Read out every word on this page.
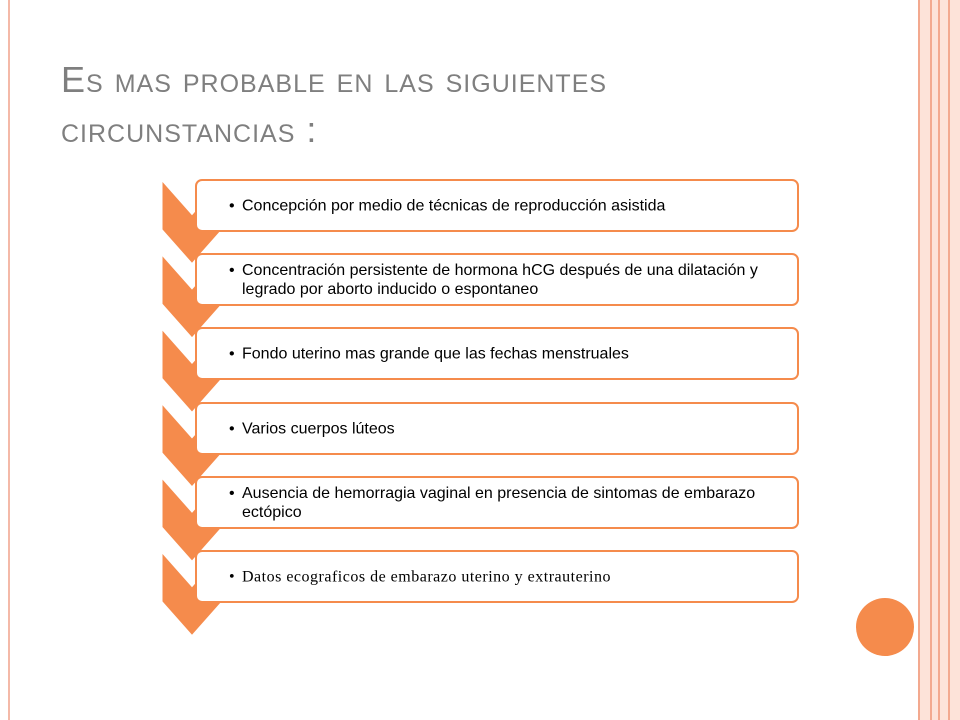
Es mas probable en las siguientes circunstancias :
• Concepción por medio de técnicas de reproducción asistida
• Concentración persistente de hormona hCG después de una dilatación y legrado por aborto inducido o espontaneo
• Fondo uterino mas grande que las fechas menstruales
• Varios cuerpos lúteos
• Ausencia de hemorragia vaginal en presencia de sintomas de embarazo ectópico
• Datos ecograficos de embarazo uterino y extrauterino
